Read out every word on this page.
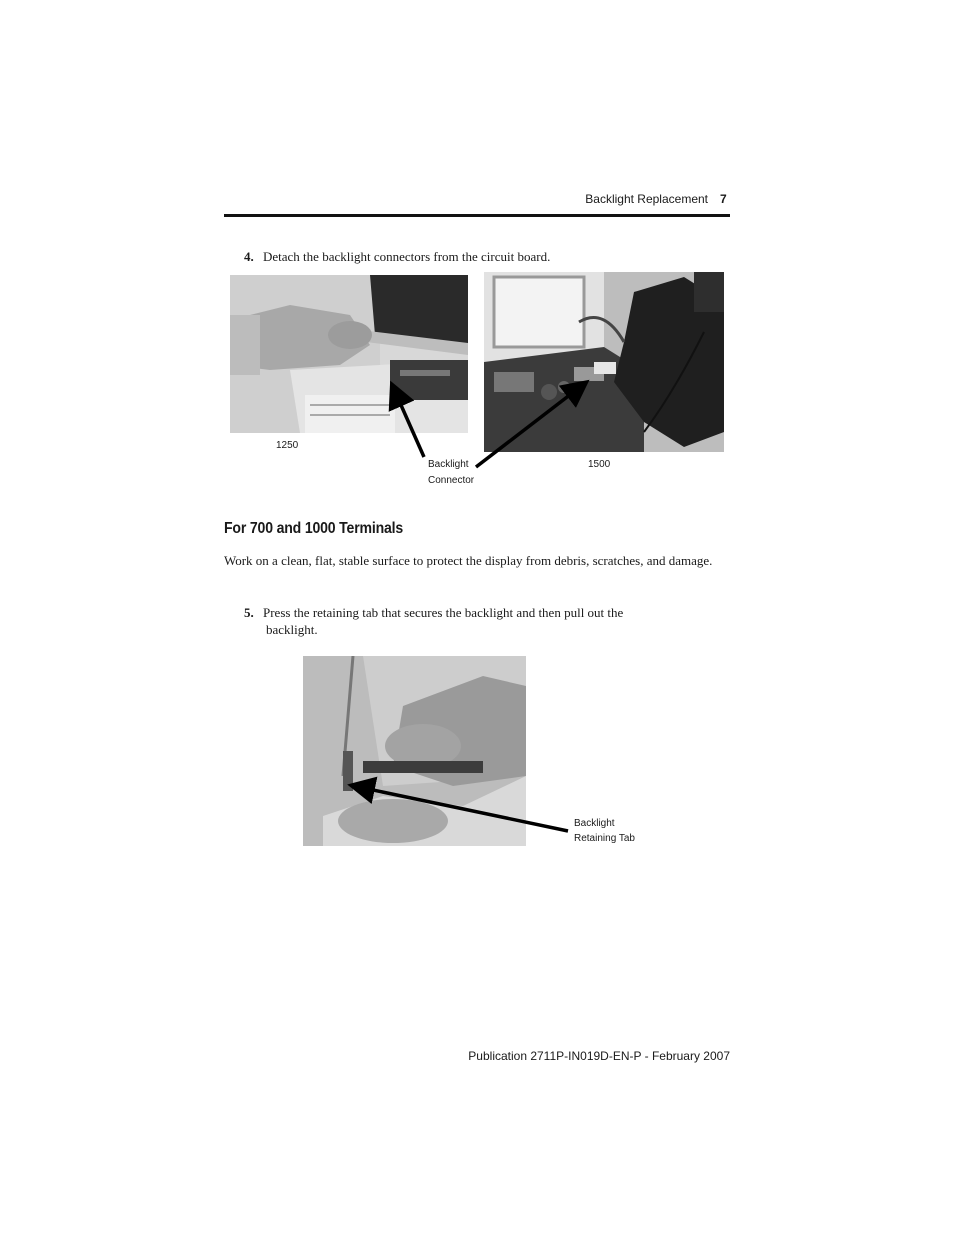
Backlight Replacement 7
4. Detach the backlight connectors from the circuit board.
1250
1500
Backlight
Connector
For 700 and 1000 Terminals
Work on a clean, flat, stable surface to protect the display from debris, scratches, and damage.
5. Press the retaining tab that secures the backlight and then pull out the
backlight.
Backlight
Retaining Tab
Publication 2711P-IN019D-EN-P - February 2007
